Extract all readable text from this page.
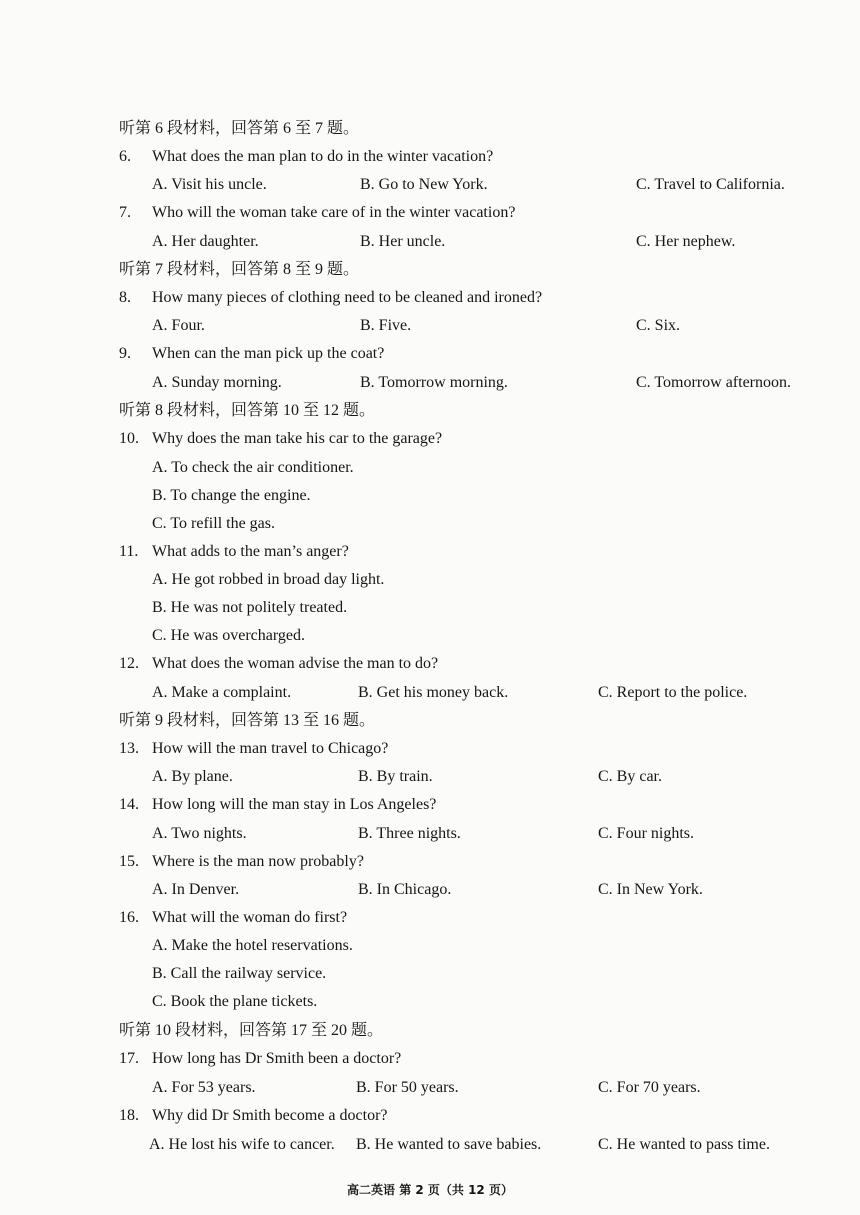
听第 6 段材料，回答第 6 至 7 题。
6. What does the man plan to do in the winter vacation?
A. Visit his uncle.	B. Go to New York.	C. Travel to California.
7. Who will the woman take care of in the winter vacation?
A. Her daughter.	B. Her uncle.	C. Her nephew.
听第 7 段材料，回答第 8 至 9 题。
8. How many pieces of clothing need to be cleaned and ironed?
A. Four.	B. Five.	C. Six.
9. When can the man pick up the coat?
A. Sunday morning.	B. Tomorrow morning.	C. Tomorrow afternoon.
听第 8 段材料，回答第 10 至 12 题。
10. Why does the man take his car to the garage?
A. To check the air conditioner.
B. To change the engine.
C. To refill the gas.
11. What adds to the man’s anger?
A. He got robbed in broad day light.
B. He was not politely treated.
C. He was overcharged.
12. What does the woman advise the man to do?
A. Make a complaint.	B. Get his money back.	C. Report to the police.
听第 9 段材料，回答第 13 至 16 题。
13. How will the man travel to Chicago?
A. By plane.	B. By train.	C. By car.
14. How long will the man stay in Los Angeles?
A. Two nights.	B. Three nights.	C. Four nights.
15. Where is the man now probably?
A. In Denver.	B. In Chicago.	C. In New York.
16. What will the woman do first?
A. Make the hotel reservations.
B. Call the railway service.
C. Book the plane tickets.
听第 10 段材料，回答第 17 至 20 题。
17. How long has Dr Smith been a doctor?
A. For 53 years.	B. For 50 years.	C. For 70 years.
18. Why did Dr Smith become a doctor?
A. He lost his wife to cancer. B. He wanted to save babies.	C. He wanted to pass time.
高二英语 第 2 页（共 12 页）
